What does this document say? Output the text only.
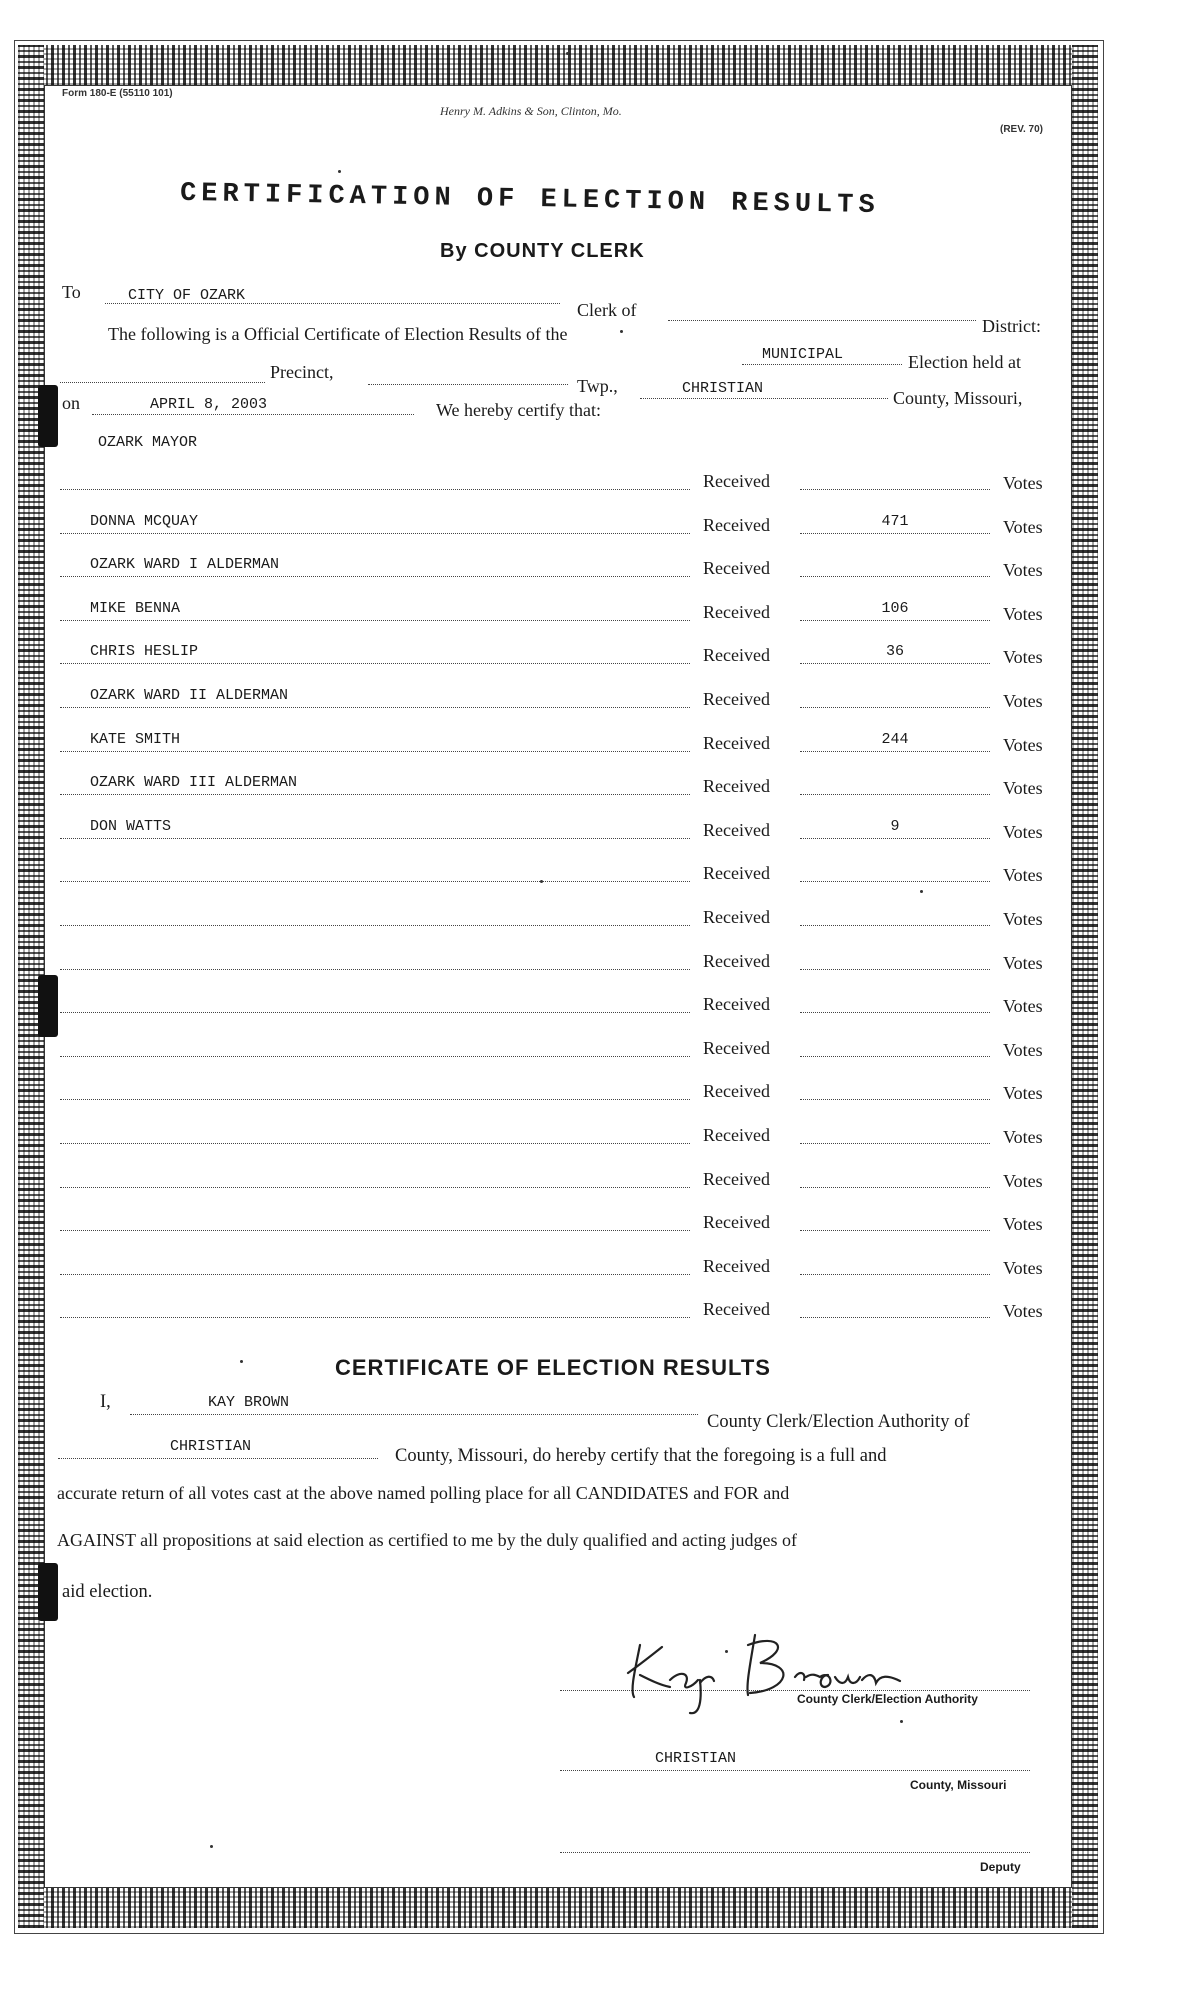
Form 180-E (55110 101)
Henry M. Adkins & Son, Clinton, Mo.
(REV. 70)
CERTIFICATION OF ELECTION RESULTS
By COUNTY CLERK
To	CITY OF OZARK
Clerk of
District:
The following is a Official Certificate of Election Results of the
MUNICIPAL	Election held at
Precinct,
Twp.,	CHRISTIAN	County, Missouri,
on	APRIL 8, 2003	We hereby certify that:
OZARK MAYOR
Received	Votes
DONNA MCQUAY	Received	471	Votes
OZARK WARD I ALDERMAN	Received	Votes
MIKE BENNA	Received	106	Votes
CHRIS HESLIP	Received	36	Votes
OZARK WARD II ALDERMAN	Received	Votes
KATE SMITH	Received	244	Votes
OZARK WARD III ALDERMAN	Received	Votes
DON WATTS	Received	9	Votes
Received	Votes
Received	Votes
Received	Votes
Received	Votes
Received	Votes
Received	Votes
Received	Votes
Received	Votes
Received	Votes
Received	Votes
Received	Votes
CERTIFICATE OF ELECTION RESULTS
I,	KAY BROWN
County Clerk/Election Authority of
CHRISTIAN	County, Missouri, do hereby certify that the foregoing is a full and
accurate return of all votes cast at the above named polling place for all CANDIDATES and FOR and
AGAINST all propositions at said election as certified to me by the duly qualified and acting judges of
aid election.
County Clerk/Election Authority
CHRISTIAN
County, Missouri
Deputy
